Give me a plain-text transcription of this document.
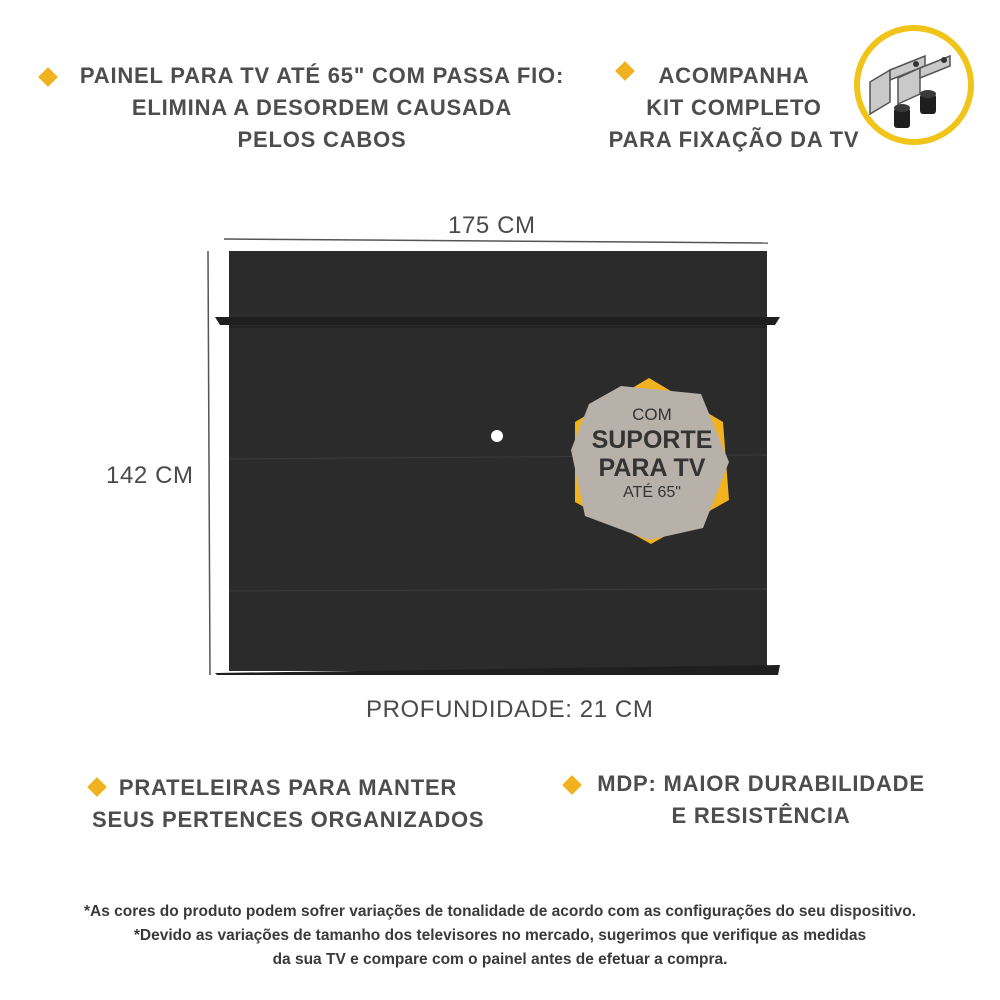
PAINEL PARA TV ATÉ 65" COM PASSA FIO:
ELIMINA A DESORDEM CAUSADA
PELOS CABOS
ACOMPANHA
KIT COMPLETO
PARA FIXAÇÃO DA TV
175 CM
142 CM
COM
SUPORTE
PARA TV
ATÉ 65"
PROFUNDIDADE: 21 CM
PRATELEIRAS PARA MANTER
SEUS PERTENCES ORGANIZADOS
MDP: MAIOR DURABILIDADE
E RESISTÊNCIA
*As cores do produto podem sofrer variações de tonalidade de acordo com as configurações do seu dispositivo.
*Devido as variações de tamanho dos televisores no mercado, sugerimos que verifique as medidas
da sua TV e compare com o painel antes de efetuar a compra.
